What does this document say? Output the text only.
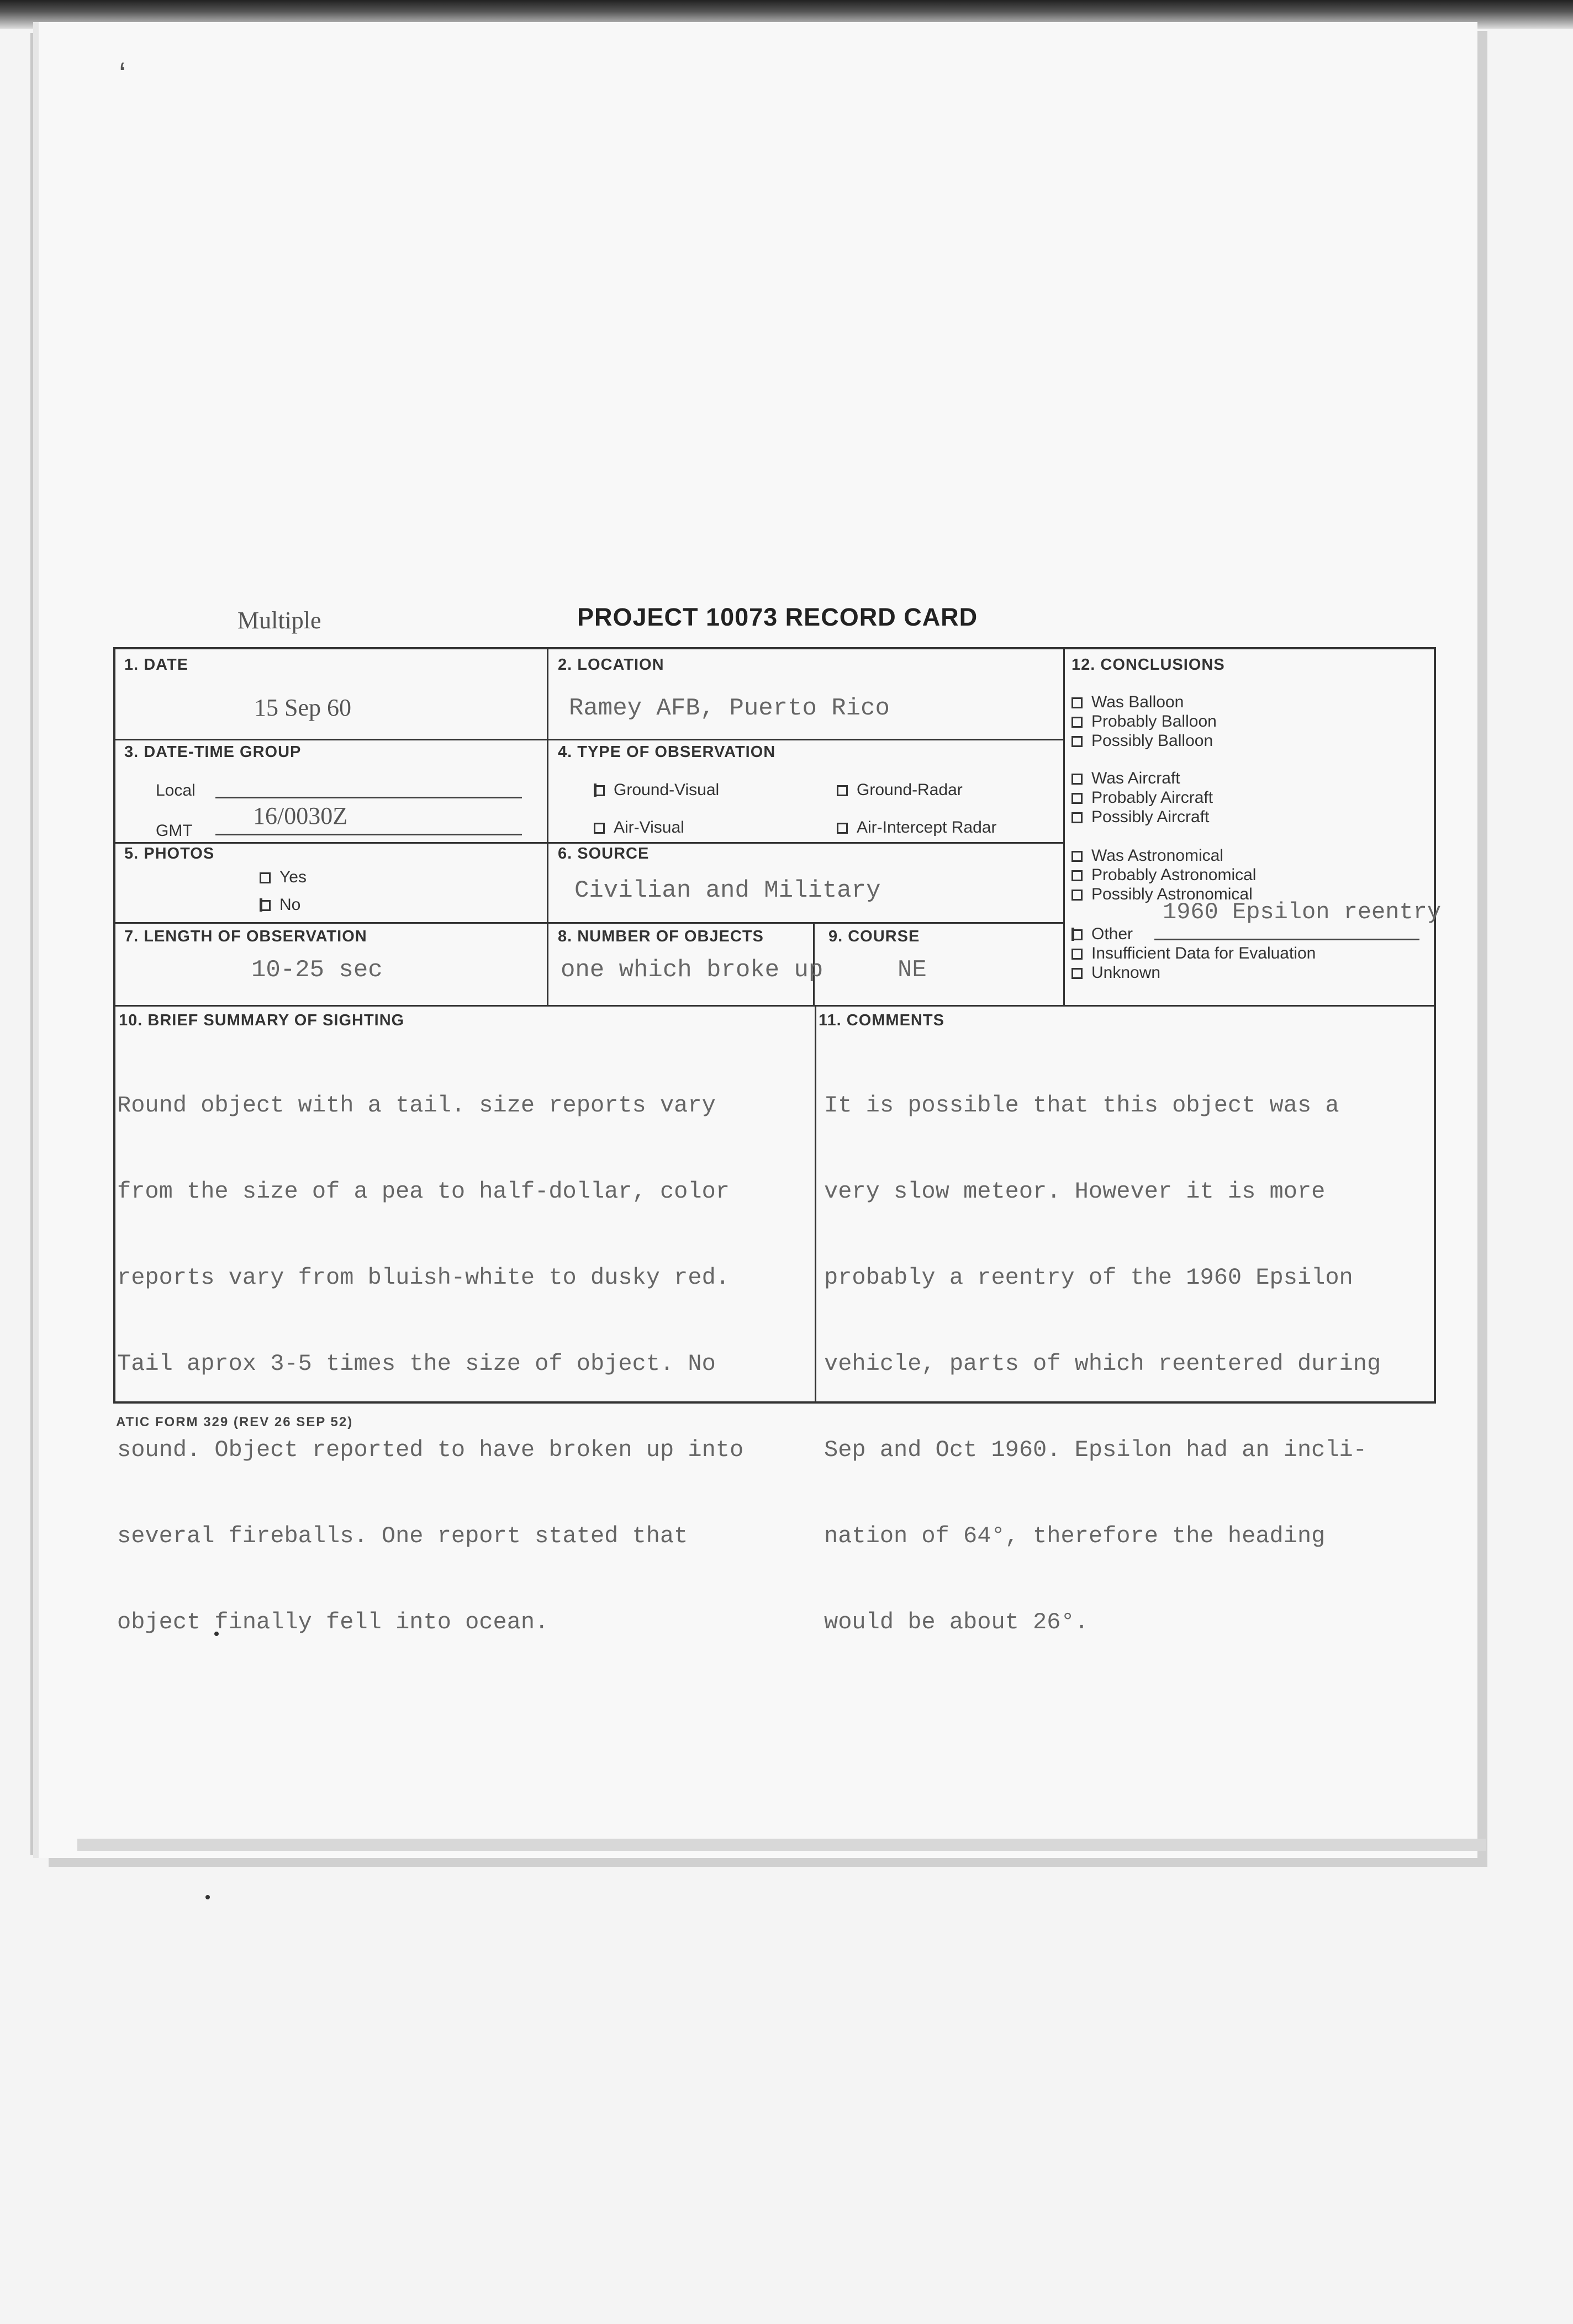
‘
Multiple	PROJECT 10073 RECORD CARD
1. DATE
15 Sep 60
2. LOCATION
Ramey AFB, Puerto Rico
3. DATE-TIME GROUP
Local
GMT
16/0030Z
4. TYPE OF OBSERVATION
Ground-Visual	Ground-Radar
Air-Visual	Air-Intercept Radar
5. PHOTOS
Yes
No
6. SOURCE
Civilian and Military
7. LENGTH OF OBSERVATION
10-25 sec
8. NUMBER OF OBJECTS
one which broke up
9. COURSE
NE
12. CONCLUSIONS
Was Balloon
Probably Balloon
Possibly Balloon
Was Aircraft
Probably Aircraft
Possibly Aircraft
Was Astronomical
Probably Astronomical
Possibly Astronomical
1960 Epsilon reentry
Other
Insufficient Data for Evaluation
Unknown
10. BRIEF SUMMARY OF SIGHTING

Round object with a tail. size reports vary

from the size of a pea to half-dollar, color

reports vary from bluish-white to dusky red.

Tail aprox 3-5 times the size of object. No

sound. Object reported to have broken up into

several fireballs. One report stated that

object finally fell into ocean.

11. COMMENTS

It is possible that this object was a

very slow meteor. However it is more

probably a reentry of the 1960 Epsilon

vehicle, parts of which reentered during

Sep and Oct 1960. Epsilon had an incli-

nation of 64°, therefore the heading

would be about 26°.

ATIC FORM 329 (REV 26 SEP 52)
